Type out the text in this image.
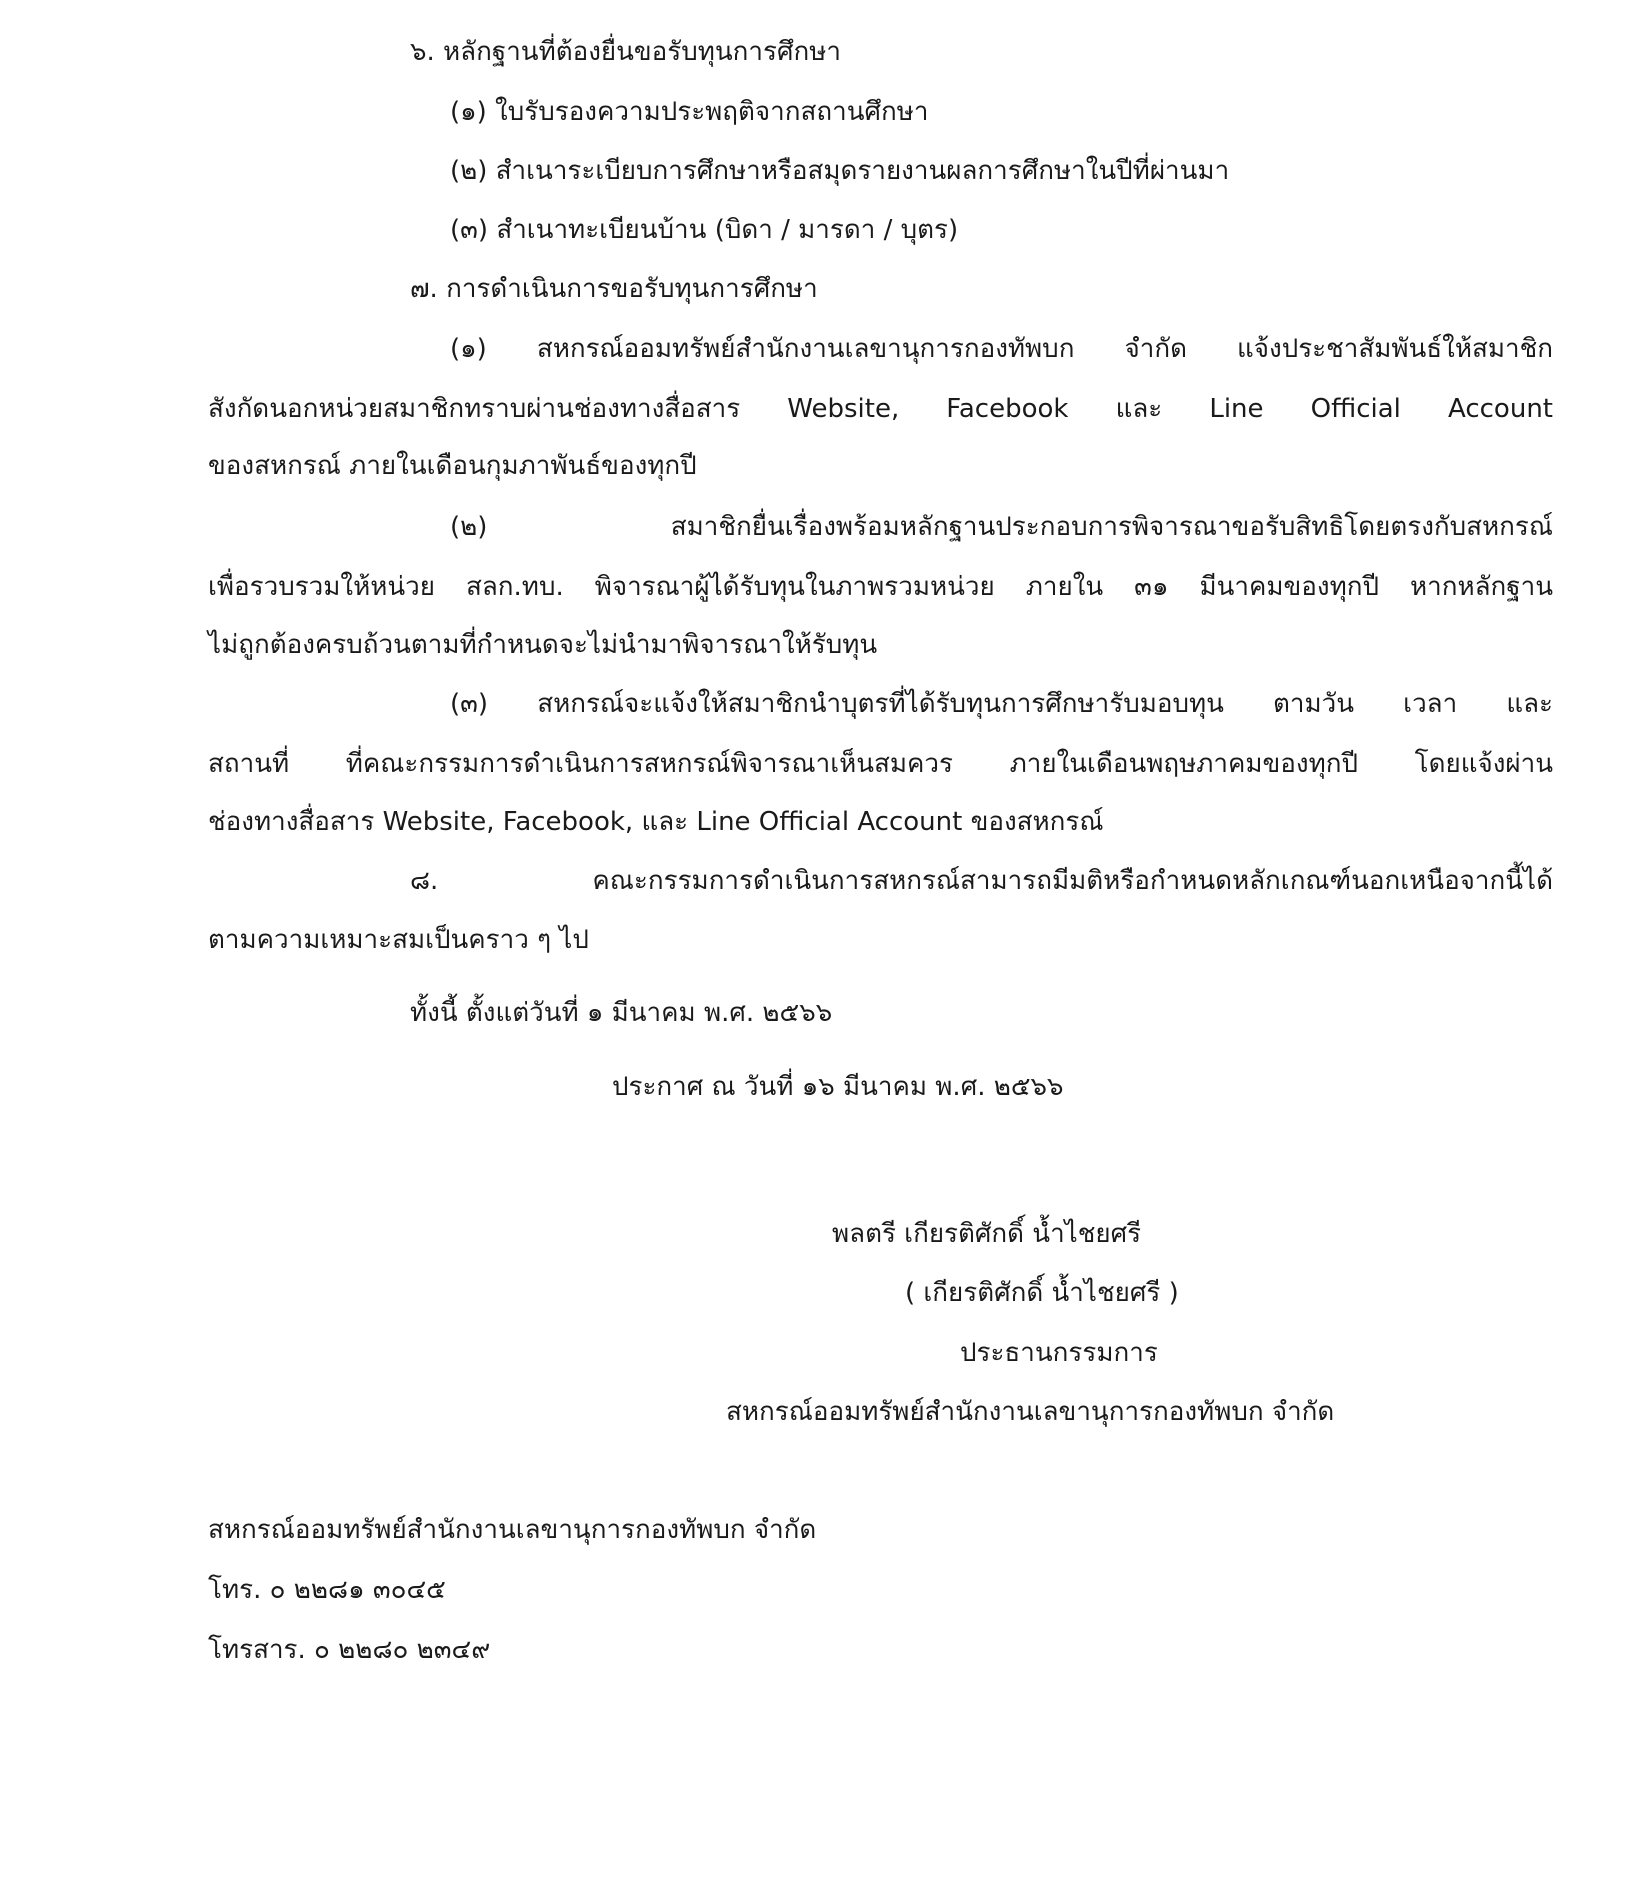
๖. หลักฐานที่ต้องยื่นขอรับทุนการศึกษา
(๑) ใบรับรองความประพฤติจากสถานศึกษา
(๒) สำเนาระเบียบการศึกษาหรือสมุดรายงานผลการศึกษาในปีที่ผ่านมา
(๓) สำเนาทะเบียนบ้าน (บิดา / มารดา / บุตร)
๗. การดำเนินการขอรับทุนการศึกษา
(๑) สหกรณ์ออมทรัพย์สำนักงานเลขานุการกองทัพบก จำกัด แจ้งประชาสัมพันธ์ให้สมาชิก
สังกัดนอกหน่วยสมาชิกทราบผ่านช่องทางสื่อสาร Website, Facebook และ Line Official Account
ของสหกรณ์ ภายในเดือนกุมภาพันธ์ของทุกปี
(๒) สมาชิกยื่นเรื่องพร้อมหลักฐานประกอบการพิจารณาขอรับสิทธิโดยตรงกับสหกรณ์
เพื่อรวบรวมให้หน่วย สลก.ทบ. พิจารณาผู้ได้รับทุนในภาพรวมหน่วย ภายใน ๓๑ มีนาคมของทุกปี หากหลักฐาน
ไม่ถูกต้องครบถ้วนตามที่กำหนดจะไม่นำมาพิจารณาให้รับทุน
(๓) สหกรณ์จะแจ้งให้สมาชิกนำบุตรที่ได้รับทุนการศึกษารับมอบทุน ตามวัน เวลา และ
สถานที่ ที่คณะกรรมการดำเนินการสหกรณ์พิจารณาเห็นสมควร ภายในเดือนพฤษภาคมของทุกปี โดยแจ้งผ่าน
ช่องทางสื่อสาร Website, Facebook, และ Line Official Account ของสหกรณ์
๘. คณะกรรมการดำเนินการสหกรณ์สามารถมีมติหรือกำหนดหลักเกณฑ์นอกเหนือจากนี้ได้
ตามความเหมาะสมเป็นคราว ๆ ไป
ทั้งนี้ ตั้งแต่วันที่ ๑ มีนาคม พ.ศ. ๒๕๖๖
ประกาศ ณ วันที่ ๑๖ มีนาคม พ.ศ. ๒๕๖๖
พลตรี เกียรติศักดิ์ น้ำไชยศรี
( เกียรติศักดิ์ น้ำไชยศรี )
ประธานกรรมการ
สหกรณ์ออมทรัพย์สำนักงานเลขานุการกองทัพบก จำกัด
สหกรณ์ออมทรัพย์สำนักงานเลขานุการกองทัพบก จำกัด
โทร. ๐ ๒๒๘๑ ๓๐๔๕
โทรสาร. ๐ ๒๒๘๐ ๒๓๔๙
